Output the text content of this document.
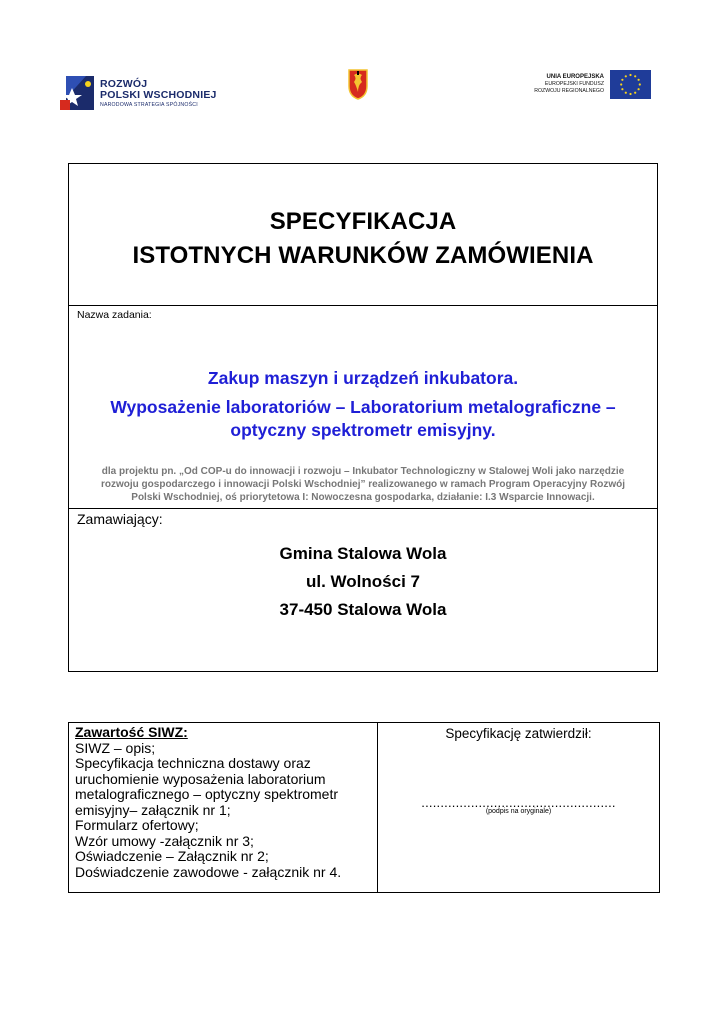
ROZWÓJ
POLSKI WSCHODNIEJ
NARODOWA STRATEGIA SPÓJNOŚCI
UNIA EUROPEJSKA
EUROPEJSKI FUNDUSZ
ROZWOJU REGIONALNEGO
SPECYFIKACJA
ISTOTNYCH WARUNKÓW ZAMÓWIENIA
Nazwa zadania:
Zakup maszyn i urządzeń inkubatora.
Wyposażenie laboratoriów – Laboratorium metalograficzne –
optyczny spektrometr emisyjny.
dla projektu pn. „Od COP-u do innowacji i rozwoju – Inkubator Technologiczny w Stalowej Woli jako narzędzie
rozwoju gospodarczego i innowacji Polski Wschodniej” realizowanego w ramach Program Operacyjny Rozwój
Polski Wschodniej, oś priorytetowa I: Nowoczesna gospodarka, działanie: I.3 Wsparcie Innowacji.
Zamawiający:
Gmina Stalowa Wola
ul. Wolności 7
37-450 Stalowa Wola
Zawartość SIWZ:
SIWZ – opis;
Specyfikacja techniczna dostawy oraz
uruchomienie wyposażenia laboratorium
metalograficznego – optyczny spektrometr
emisyjny– załącznik nr 1;
Formularz ofertowy;
Wzór umowy -załącznik nr 3;
Oświadczenie – Załącznik nr 2;
Doświadczenie zawodowe - załącznik nr 4.
Specyfikację zatwierdził:
...................................................
(podpis na oryginale)
